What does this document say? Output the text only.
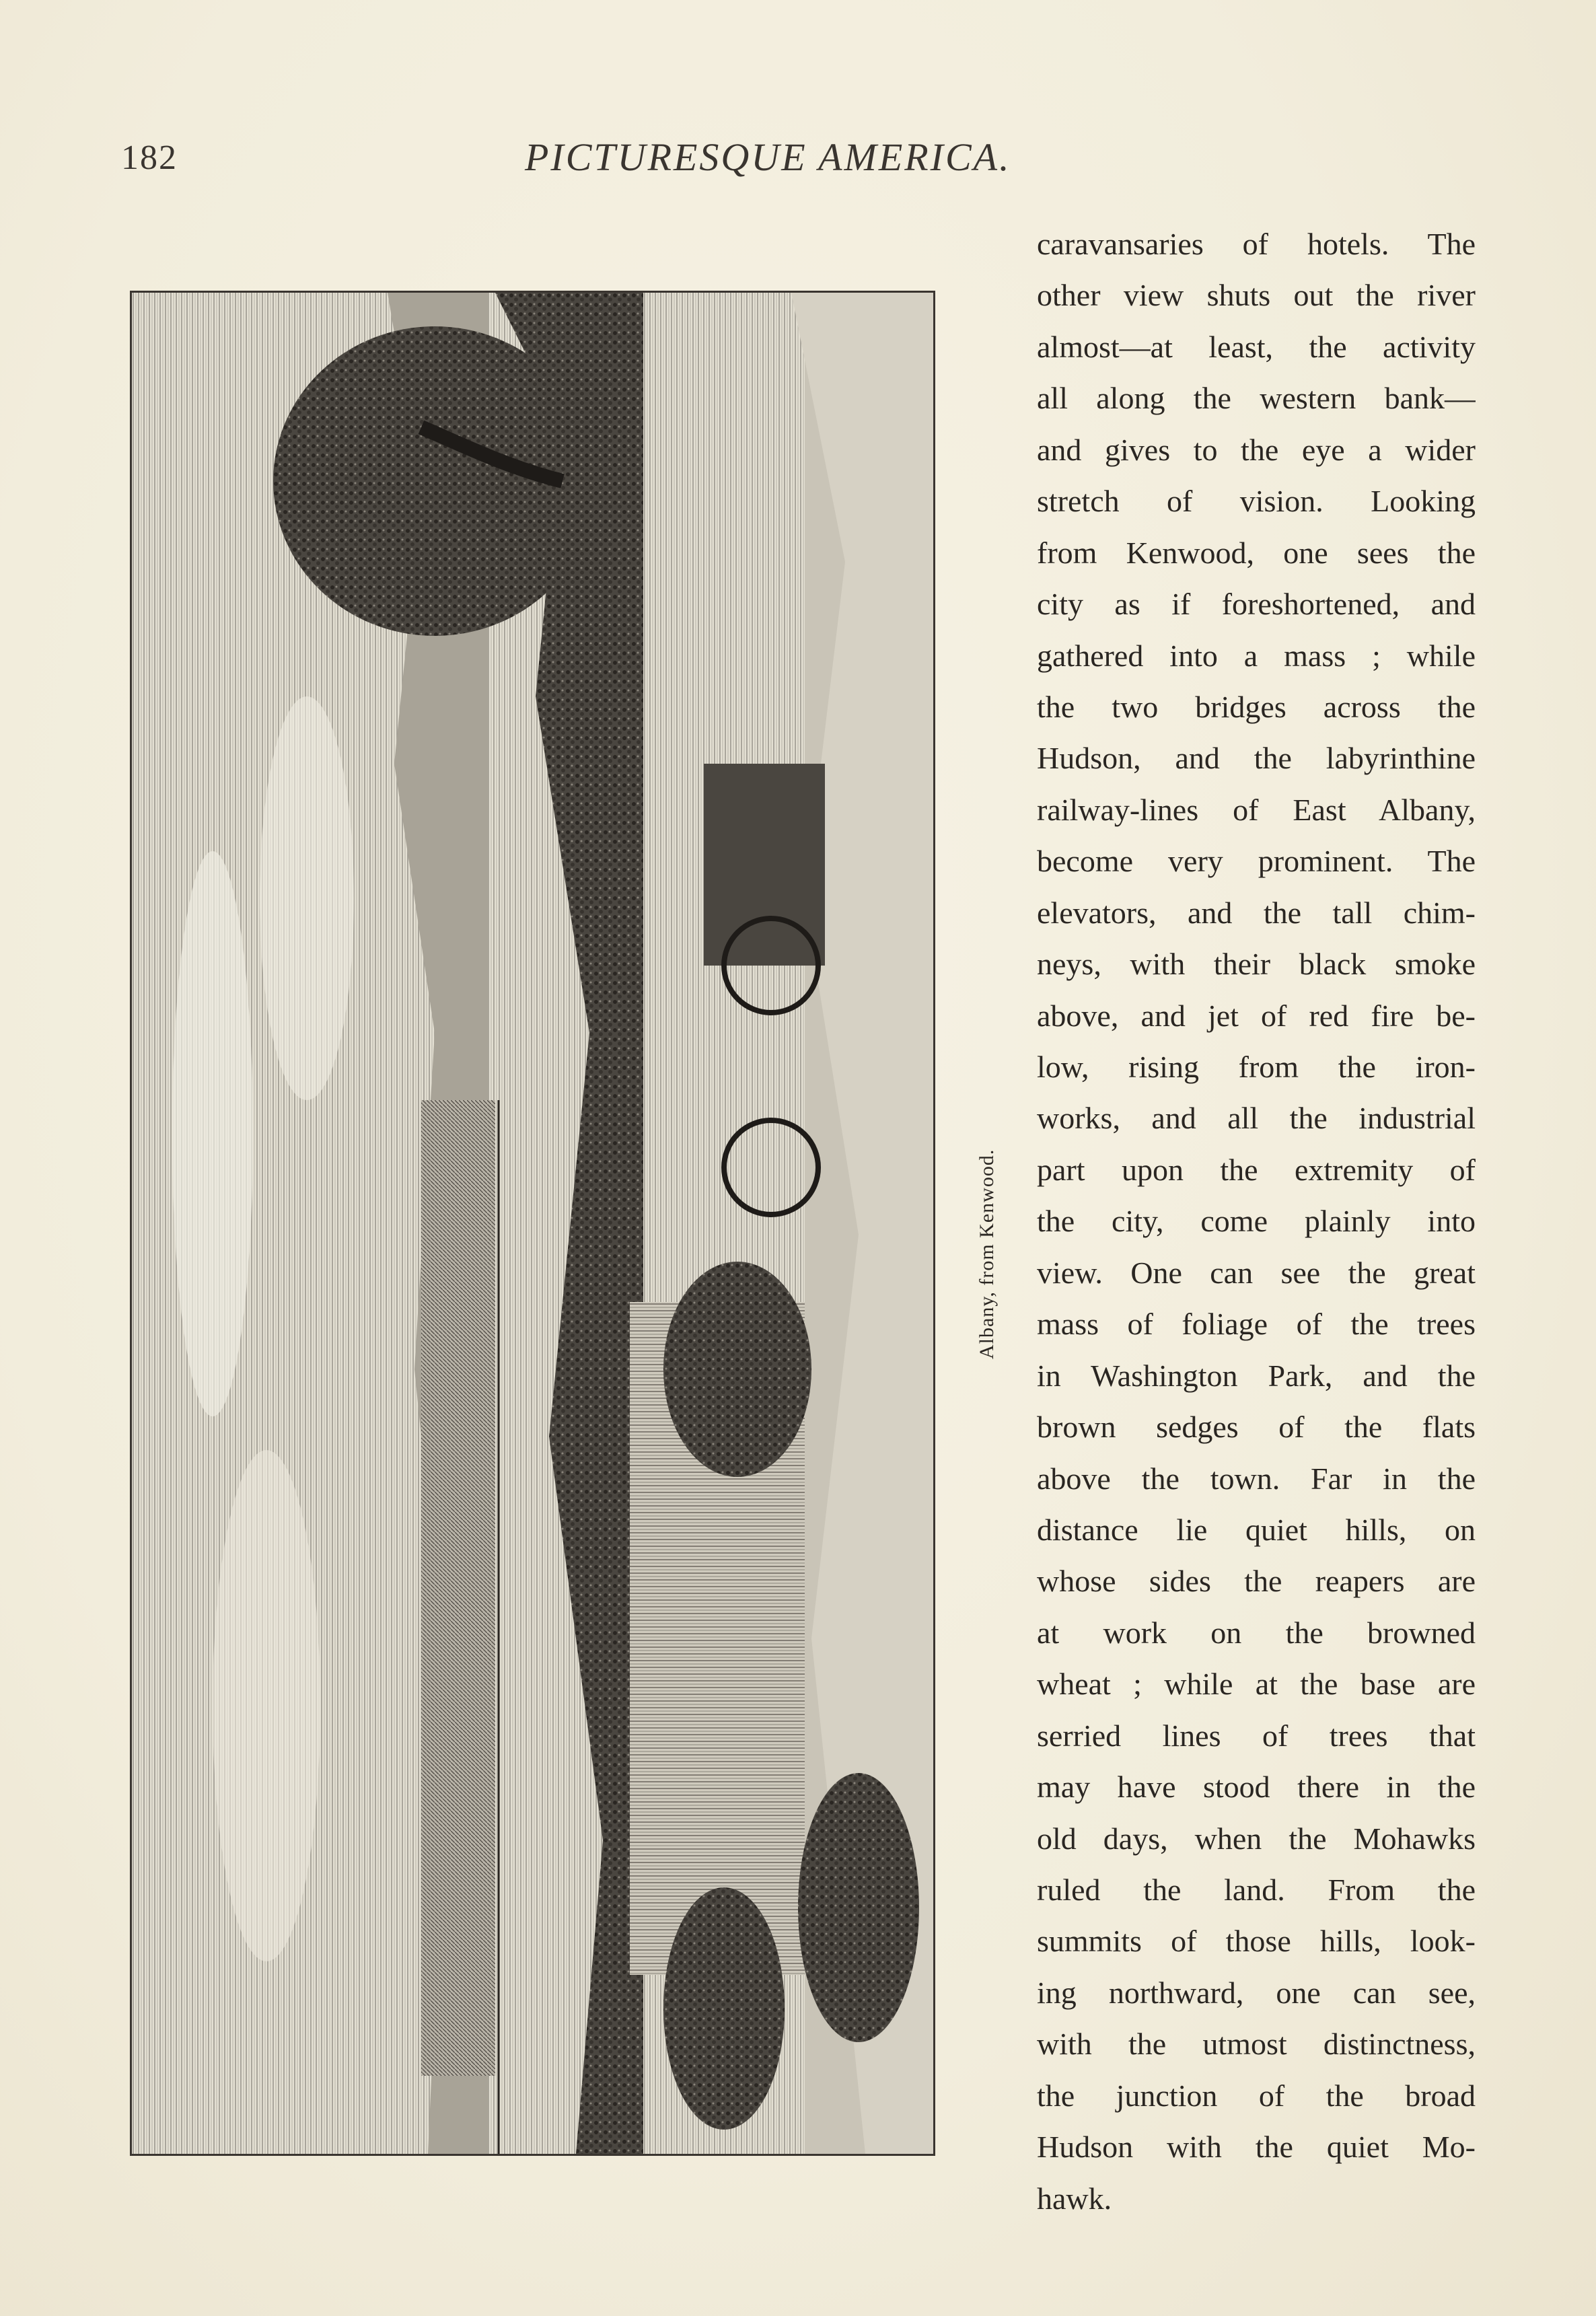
182	PICTURESQUE AMERICA.
Albany, from Kenwood.
caravansaries of hotels. The
other view shuts out the river
almost—at least, the activity
all along the western bank—
and gives to the eye a wider
stretch of vision. Looking
from Kenwood, one sees the
city as if foreshortened, and
gathered into a mass ; while
the two bridges across the
Hudson, and the labyrinthine
railway-lines of East Albany,
become very prominent. The
elevators, and the tall chim-
neys, with their black smoke
above, and jet of red fire be-
low, rising from the iron-
works, and all the industrial
part upon the extremity of
the city, come plainly into
view. One can see the great
mass of foliage of the trees
in Washington Park, and the
brown sedges of the flats
above the town. Far in the
distance lie quiet hills, on
whose sides the reapers are
at work on the browned
wheat ; while at the base are
serried lines of trees that
may have stood there in the
old days, when the Mohawks
ruled the land. From the
summits of those hills, look-
ing northward, one can see,
with the utmost distinctness,
the junction of the broad
Hudson with the quiet Mo-
hawk.
